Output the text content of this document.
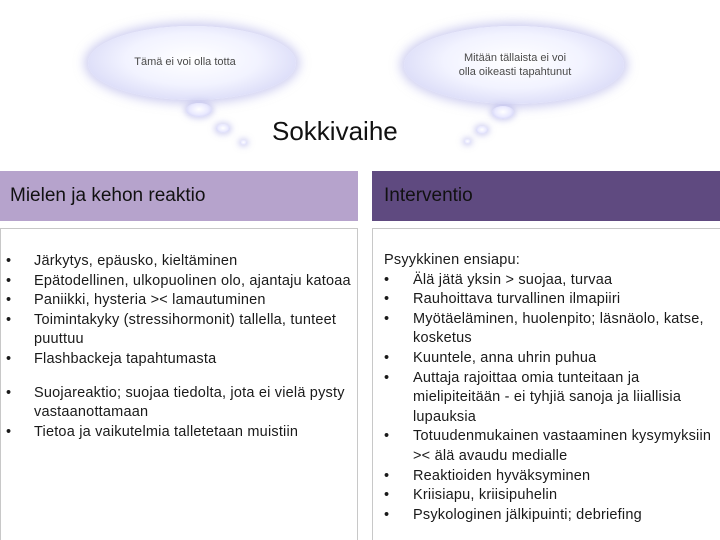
Tämä ei voi olla totta	Mitään tällaista ei voi
olla oikeasti tapahtunut
Sokkivaihe
Mielen ja kehon reaktio	Interventio
• Järkytys, epäusko, kieltäminen
• Epätodellinen, ulkopuolinen olo, ajantaju katoaa
• Paniikki, hysteria >< lamautuminen
• Toimintakyky (stressihormonit) tallella, tunteet puuttuu
• Flashbackeja tapahtumasta
• Suojareaktio; suojaa tiedolta, jota ei vielä pysty vastaanottamaan
• Tietoa ja vaikutelmia talletetaan muistiin
Psyykkinen ensiapu:
• Älä jätä yksin > suojaa, turvaa
• Rauhoittava turvallinen ilmapiiri
• Myötäeläminen, huolenpito; läsnäolo, katse, kosketus
• Kuuntele, anna uhrin puhua
• Auttaja rajoittaa omia tunteitaan ja mielipiteitään - ei tyhjiä sanoja ja liiallisia lupauksia
• Totuudenmukainen vastaaminen kysymyksiin >< älä avaudu medialle
• Reaktioiden hyväksyminen
• Kriisiapu, kriisipuhelin
• Psykologinen jälkipuinti; debriefing
